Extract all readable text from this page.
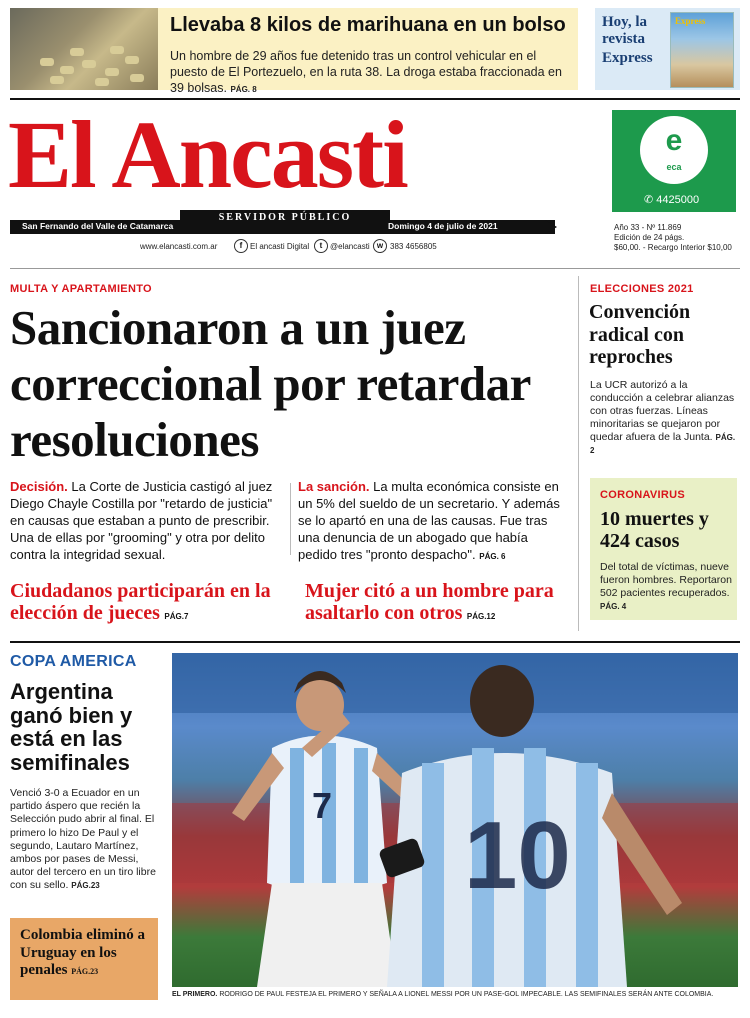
Llevaba 8 kilos de marihuana en un bolso
Un hombre de 29 años fue detenido tras un control vehicular en el puesto de El Portezuelo, en la ruta 38. La droga estaba fraccionada en 39 bolsas. PÁG. 8
Hoy, la
revista
Express
Express
El Ancasti
SERVIDOR PÚBLICO
San Fernando del Valle de Catamarca	Domingo 4 de julio de 2021
www.elancasti.com.ar	f El ancasti Digital	t @elancasti w 383 4656805
e
eca
✆ 4425000
Año 33 - Nº 11.869
Edición de 24 págs.
$60,00. - Recargo Interior $10,00
MULTA Y APARTAMIENTO
Sancionaron a un juez correccional por retardar resoluciones
Decisión. La Corte de Justicia castigó al juez Diego Chayle Costilla por "retardo de justicia" en causas que estaban a punto de prescribir. Una de ellas por "grooming" y otra por delito contra la integridad sexual.
La sanción. La multa económica consiste en un 5% del sueldo de un secretario. Y además se lo apartó en una de las causas. Fue tras una denuncia de un abogado que había pedido tres "pronto despacho". PÁG. 6
Ciudadanos participarán en la elección de jueces PÁG.7
Mujer citó a un hombre para asaltarlo con otros PÁG.12
ELECCIONES 2021
Convención radical con reproches
La UCR autorizó a la conducción a celebrar alianzas con otras fuerzas. Líneas minoritarias se quejaron por quedar afuera de la Junta. PÁG. 2
CORONAVIRUS
10 muertes y 424 casos
Del total de víctimas, nueve fueron hombres. Reportaron 502 pacientes recuperados. PÁG. 4
COPA AMERICA
Argentina ganó bien y está en las semifinales
Venció 3-0 a Ecuador en un partido áspero que recién la Selección pudo abrir al final. El primero lo hizo De Paul y el segundo, Lautaro Martínez, ambos por pases de Messi, autor del tercero en un tiro libre con su sello. PÁG.23
Colombia eliminó a Uruguay en los penales PÁG.23
7 10
EL PRIMERO. RODRIGO DE PAUL FESTEJA EL PRIMERO Y SEÑALA A LIONEL MESSI POR UN PASE-GOL IMPECABLE. LAS SEMIFINALES SERÁN ANTE COLOMBIA.
